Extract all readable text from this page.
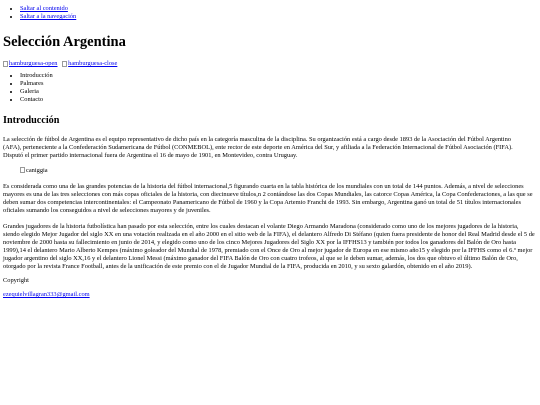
• Saltar al contenido
• Saltar a la navegación
Selección Argentina
hamburguesa-open
hamburguesa-close
• Introducción
• Palmares
• Galeria
• Contacto
Introducción

La selección de fútbol de Argentina es el equipo representativo de dicho país en la categoría masculina de la disciplina. Su organización está a cargo desde 1893 de la Asociación del Fútbol Argentino (AFA), perteneciente a la Confederación Sudamericana de Fútbol (CONMEBOL), ente rector de este deporte en América del Sur, y afiliada a la Federación Internacional de Fútbol Asociación (FIFA). Disputó el primer partido internacional fuera de Argentina el 16 de mayo de 1901, en Montevideo, contra Uruguay.

caniggia

Es considerada como una de las grandes potencias de la historia del fútbol internacional,5 figurando cuarta en la tabla histórica de los mundiales con un total de 144 puntos. Además, a nivel de selecciones mayores es una de las tres selecciones con más copas oficiales de la historia, con diecinueve títulos,n 2 contándose las dos Copas Mundiales, las catorce Copas América, la Copa Confederaciones, a las que se deben sumar dos competencias intercontinentales: el Campeonato Panamericano de Fútbol de 1960 y la Copa Artemio Franchi de 1993. Sin embargo, Argentina ganó un total de 51 títulos internacionales oficiales sumando los conseguidos a nivel de selecciones mayores y de juveniles.

Grandes jugadores de la historia futbolística han pasado por esta selección, entre los cuales destacan el volante Diego Armando Maradona (considerado como uno de los mejores jugadores de la historia, siendo elegido Mejor Jugador del siglo XX en una votación realizada en el año 2000 en el sitio web de la FIFA), el delantero Alfredo Di Stéfano (quien fuera presidente de honor del Real Madrid desde el 5 de noviembre de 2000 hasta su fallecimiento en junio de 2014, y elegido como uno de los cinco Mejores Jugadores del Siglo XX por la IFFHS13 y también por todos los ganadores del Balón de Oro hasta 1999),14 el delantero Mario Alberto Kempes (máximo goleador del Mundial de 1978, premiado con el Once de Oro al mejor jugador de Europa en ese mismo año15 y elegido por la IFFHS como el 6.º mejor jugador argentino del siglo XX,16 y el delantero Lionel Messi (máximo ganador del FIFA Balón de Oro con cuatro trofeos, al que se le deben sumar, además, los dos que obtuvo el último Balón de Oro, otorgado por la revista France Football, antes de la unificación de este premio con el de Jugador Mundial de la FIFA, producida en 2010, y su sexto galardón, obtenido en el año 2019).

Copyright
ezequielvillagran333@gmail.com
